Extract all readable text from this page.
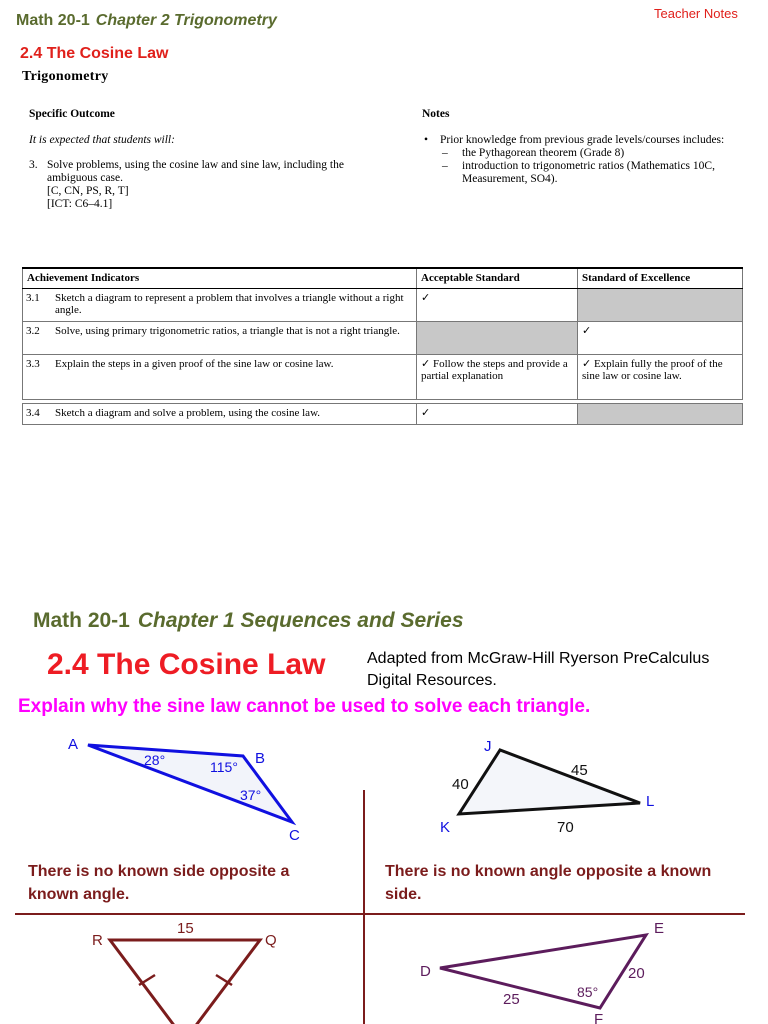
Math 20-1 Chapter 2 Trigonometry	Teacher Notes
2.4 The Cosine Law
Trigonometry
Specific Outcome
It is expected that students will:
3. Solve problems, using the cosine law and sine law, including the ambiguous case.
[C, CN, PS, R, T]
[ICT: C6–4.1]
Notes
• Prior knowledge from previous grade levels/courses includes:
– the Pythagorean theorem (Grade 8)
– introduction to trigonometric ratios (Mathematics 10C, Measurement, SO4).
Achievement Indicators	Acceptable Standard	Standard of Excellence

3.1 Sketch a diagram to represent a problem that involves a triangle without a right angle.	✓	

3.2 Solve, using primary trigonometric ratios, a triangle that is not a right triangle.		✓

3.3 Explain the steps in a given proof of the sine law or cosine law.	✓ Follow the steps and provide a partial explanation	✓ Explain fully the proof of the sine law or cosine law.

3.4 Sketch a diagram and solve a problem, using the cosine law.	✓	
Math 20-1 Chapter 1 Sequences and Series
2.4 The Cosine Law	Adapted from McGraw-Hill Ryerson PreCalculus Digital Resources.
Explain why the sine law cannot be used to solve each triangle.
A
B
C
28°	115°
37°
J
K
L
40
45
70
R	Q
15
D
E
F
25
20
85°
There is no known side opposite a known angle.
There is no known angle opposite a known side.
